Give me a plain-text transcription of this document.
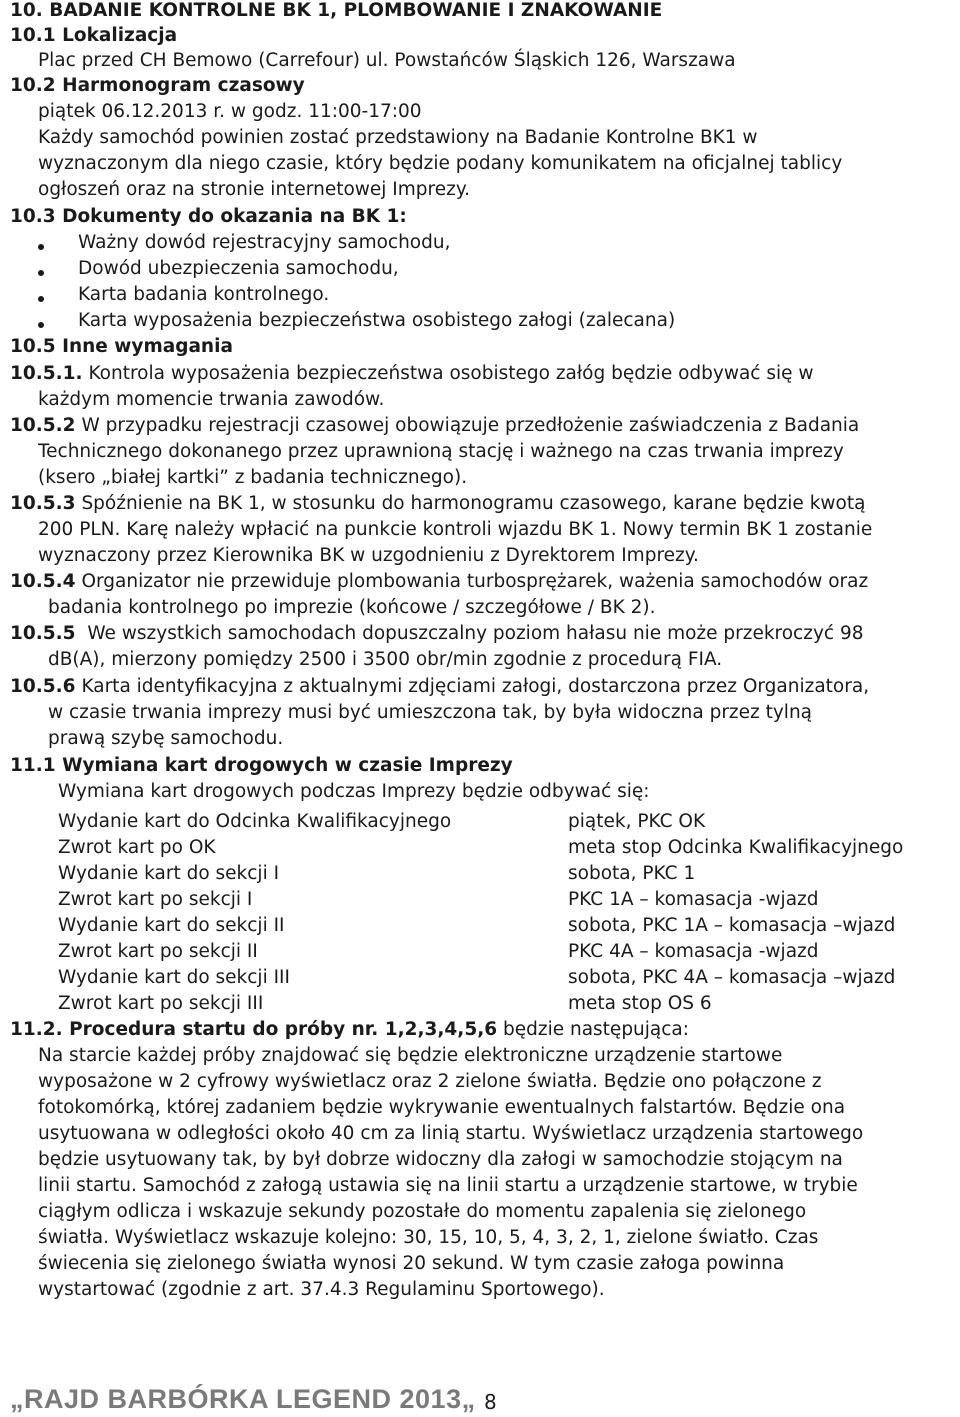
10. BADANIE KONTROLNE BK 1, PLOMBOWANIE I ZNAKOWANIE
10.1 Lokalizacja
Plac przed CH Bemowo (Carrefour) ul. Powstańców Śląskich 126, Warszawa
10.2 Harmonogram czasowy
piątek 06.12.2013 r. w godz. 11:00-17:00
Każdy samochód powinien zostać przedstawiony na Badanie Kontrolne BK1 w
wyznaczonym dla niego czasie, który będzie podany komunikatem na oficjalnej tablicy
ogłoszeń oraz na stronie internetowej Imprezy.
10.3 Dokumenty do okazania na BK 1:
Ważny dowód rejestracyjny samochodu,
Dowód ubezpieczenia samochodu,
Karta badania kontrolnego.
Karta wyposażenia bezpieczeństwa osobistego załogi (zalecana)
10.5 Inne wymagania
10.5.1. Kontrola wyposażenia bezpieczeństwa osobistego załóg będzie odbywać się w
każdym momencie trwania zawodów.
10.5.2 W przypadku rejestracji czasowej obowiązuje przedłożenie zaświadczenia z Badania
Technicznego dokonanego przez uprawnioną stację i ważnego na czas trwania imprezy
(ksero „białej kartki” z badania technicznego).
10.5.3 Spóźnienie na BK 1, w stosunku do harmonogramu czasowego, karane będzie kwotą
200 PLN. Karę należy wpłacić na punkcie kontroli wjazdu BK 1. Nowy termin BK 1 zostanie
wyznaczony przez Kierownika BK w uzgodnieniu z Dyrektorem Imprezy.
10.5.4 Organizator nie przewiduje plombowania turbosprężarek, ważenia samochodów oraz
badania kontrolnego po imprezie (końcowe / szczegółowe / BK 2).
10.5.5 We wszystkich samochodach dopuszczalny poziom hałasu nie może przekroczyć 98
dB(A), mierzony pomiędzy 2500 i 3500 obr/min zgodnie z procedurą FIA.
10.5.6 Karta identyfikacyjna z aktualnymi zdjęciami załogi, dostarczona przez Organizatora,
w czasie trwania imprezy musi być umieszczona tak, by była widoczna przez tylną
prawą szybę samochodu.
11.1 Wymiana kart drogowych w czasie Imprezy
Wymiana kart drogowych podczas Imprezy będzie odbywać się:
Wydanie kart do Odcinka Kwalifikacyjnego	piątek, PKC OK
Zwrot kart po OK	meta stop Odcinka Kwalifikacyjnego
Wydanie kart do sekcji I	sobota, PKC 1
Zwrot kart po sekcji I	PKC 1A – komasacja -wjazd
Wydanie kart do sekcji II	sobota, PKC 1A – komasacja –wjazd
Zwrot kart po sekcji II	PKC 4A – komasacja -wjazd
Wydanie kart do sekcji III	sobota, PKC 4A – komasacja –wjazd
Zwrot kart po sekcji III	meta stop OS 6
11.2. Procedura startu do próby nr. 1,2,3,4,5,6 będzie następująca:
Na starcie każdej próby znajdować się będzie elektroniczne urządzenie startowe
wyposażone w 2 cyfrowy wyświetlacz oraz 2 zielone światła. Będzie ono połączone z
fotokomórką, której zadaniem będzie wykrywanie ewentualnych falstartów. Będzie ona
usytuowana w odległości około 40 cm za linią startu. Wyświetlacz urządzenia startowego
będzie usytuowany tak, by był dobrze widoczny dla załogi w samochodzie stojącym na
linii startu. Samochód z załogą ustawia się na linii startu a urządzenie startowe, w trybie
ciągłym odlicza i wskazuje sekundy pozostałe do momentu zapalenia się zielonego
światła. Wyświetlacz wskazuje kolejno: 30, 15, 10, 5, 4, 3, 2, 1, zielone światło. Czas
świecenia się zielonego światła wynosi 20 sekund. W tym czasie załoga powinna
wystartować (zgodnie z art. 37.4.3 Regulaminu Sportowego).
„RAJD BARBÓRKA LEGEND 2013„ 8
